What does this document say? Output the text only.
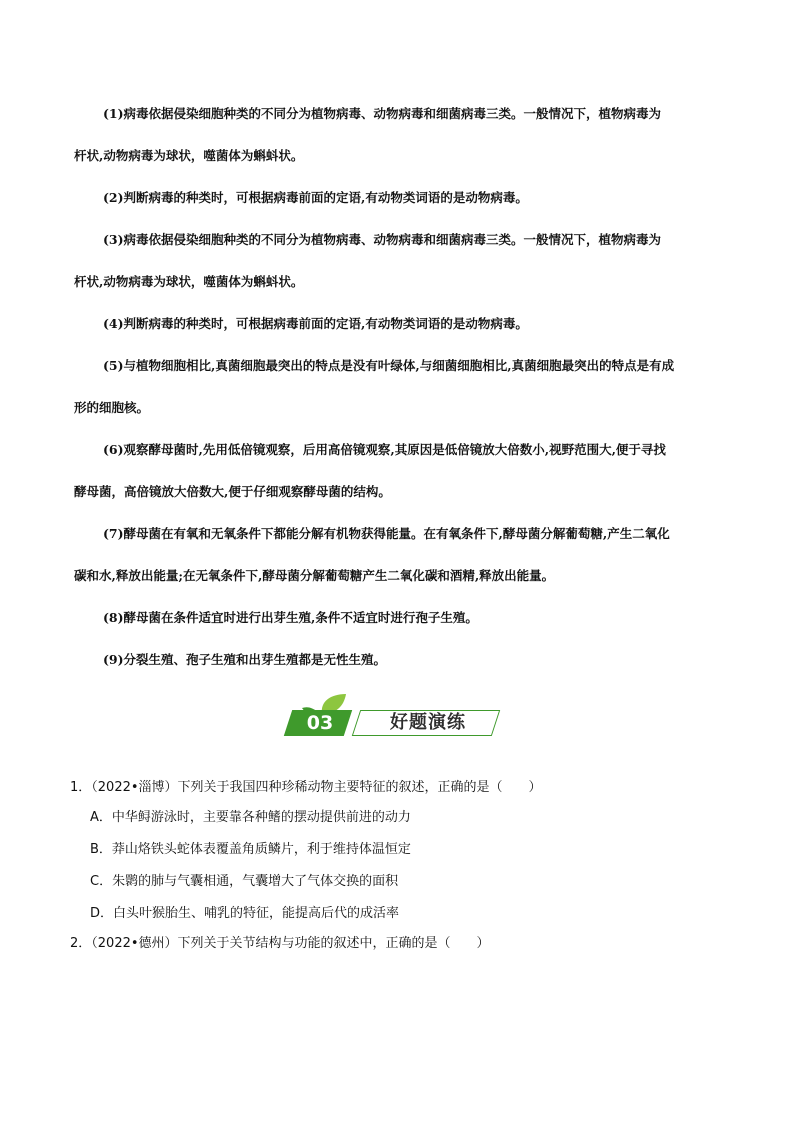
(1)病毒依据侵染细胞种类的不同分为植物病毒、动物病毒和细菌病毒三类。一般情况下，植物病毒为
杆状,动物病毒为球状，噬菌体为蝌蚪状。

(2)判断病毒的种类时，可根据病毒前面的定语,有动物类词语的是动物病毒。

(3)病毒依据侵染细胞种类的不同分为植物病毒、动物病毒和细菌病毒三类。一般情况下，植物病毒为
杆状,动物病毒为球状，噬菌体为蝌蚪状。

(4)判断病毒的种类时，可根据病毒前面的定语,有动物类词语的是动物病毒。

(5)与植物细胞相比,真菌细胞最突出的特点是没有叶绿体,与细菌细胞相比,真菌细胞最突出的特点是有成
形的细胞核。

(6)观察酵母菌时,先用低倍镜观察，后用高倍镜观察,其原因是低倍镜放大倍数小,视野范围大,便于寻找
酵母菌，高倍镜放大倍数大,便于仔细观察酵母菌的结构。

(7)酵母菌在有氧和无氧条件下都能分解有机物获得能量。在有氧条件下,酵母菌分解葡萄糖,产生二氧化
碳和水,释放出能量;在无氧条件下,酵母菌分解葡萄糖产生二氧化碳和酒精,释放出能量。

(8)酵母菌在条件适宜时进行出芽生殖,条件不适宜时进行孢子生殖。

(9)分裂生殖、孢子生殖和出芽生殖都是无性生殖。

03	好题演练

1．（2022•淄博）下列关于我国四种珍稀动物主要特征的叙述，正确的是（　　）

A．中华鲟游泳时，主要靠各种鳍的摆动提供前进的动力

B．莽山烙铁头蛇体表覆盖角质鳞片，利于维持体温恒定

C．朱鹮的肺与气囊相通，气囊增大了气体交换的面积

D．白头叶猴胎生、哺乳的特征，能提高后代的成活率

2．（2022•德州）下列关于关节结构与功能的叙述中，正确的是（　　）
